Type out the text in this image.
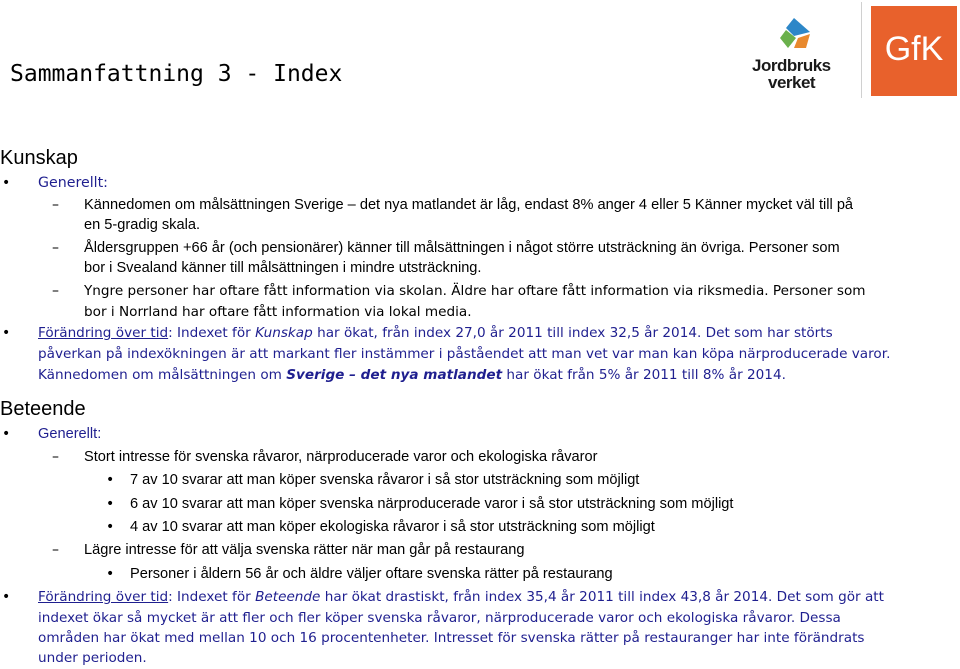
Sammanfattning 3 - Index	Jordbruks
verket
GfK
Kunskap
• Generellt:
– Kännedomen om målsättningen Sverige – det nya matlandet är låg, endast 8% anger 4 eller 5 Känner mycket väl till på
en 5-gradig skala.
– Åldersgruppen +66 år (och pensionärer) känner till målsättningen i något större utsträckning än övriga. Personer som
bor i Svealand känner till målsättningen i mindre utsträckning.
– Yngre personer har oftare fått information via skolan. Äldre har oftare fått information via riksmedia. Personer som
bor i Norrland har oftare fått information via lokal media.
• Förändring över tid: Indexet för Kunskap har ökat, från index 27,0 år 2011 till index 32,5 år 2014. Det som har störts
påverkan på indexökningen är att markant fler instämmer i påståendet att man vet var man kan köpa närproducerade varor.
Kännedomen om målsättningen om Sverige – det nya matlandet har ökat från 5% år 2011 till 8% år 2014.
Beteende
• Generellt:
– Stort intresse för svenska råvaror, närproducerade varor och ekologiska råvaror
• 7 av 10 svarar att man köper svenska råvaror i så stor utsträckning som möjligt
• 6 av 10 svarar att man köper svenska närproducerade varor i så stor utsträckning som möjligt
• 4 av 10 svarar att man köper ekologiska råvaror i så stor utsträckning som möjligt
– Lägre intresse för att välja svenska rätter när man går på restaurang
• Personer i åldern 56 år och äldre väljer oftare svenska rätter på restaurang
• Förändring över tid: Indexet för Beteende har ökat drastiskt, från index 35,4 år 2011 till index 43,8 år 2014. Det som gör att
indexet ökar så mycket är att fler och fler köper svenska råvaror, närproducerade varor och ekologiska råvaror. Dessa
områden har ökat med mellan 10 och 16 procentenheter. Intresset för svenska rätter på restauranger har inte förändrats
under perioden.
